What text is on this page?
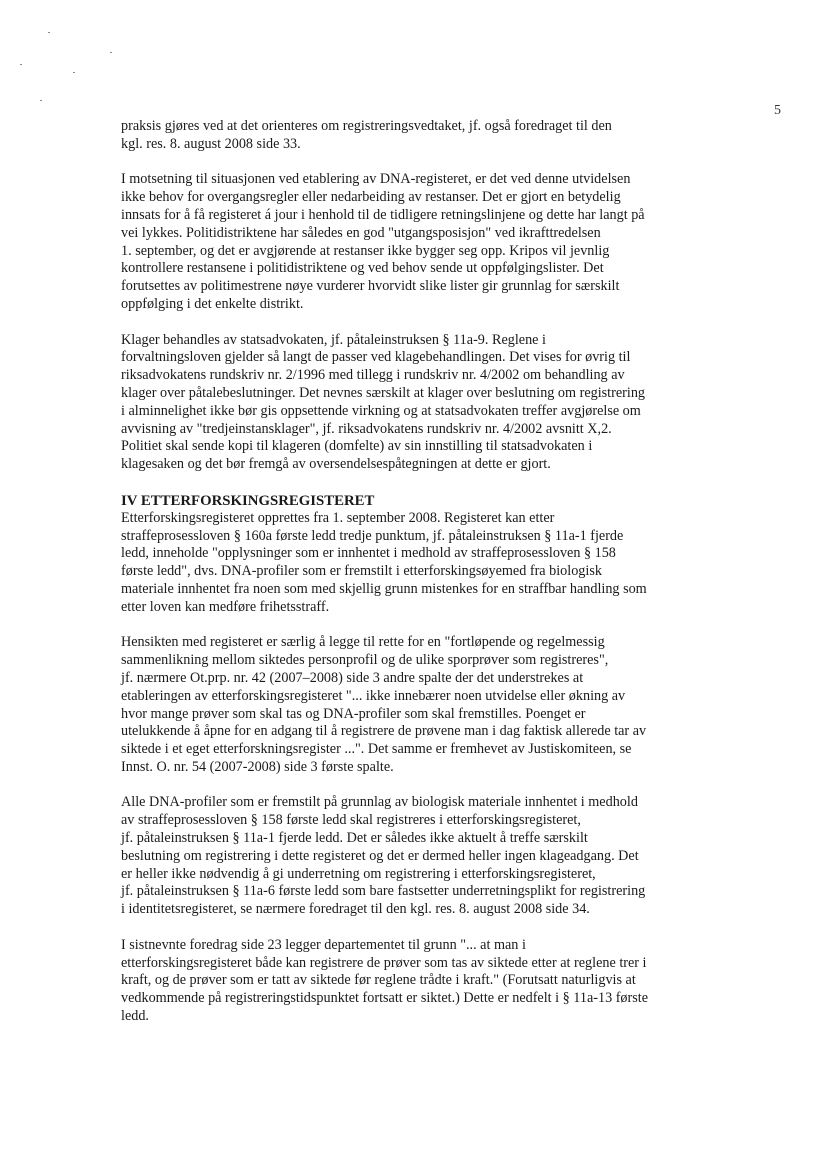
5

praksis gjøres ved at det orienteres om registreringsvedtaket, jf. også foredraget til den
kgl. res. 8. august 2008 side 33.

I motsetning til situasjonen ved etablering av DNA-registeret, er det ved denne utvidelsen
ikke behov for overgangsregler eller nedarbeiding av restanser. Det er gjort en betydelig
innsats for å få registeret á jour i henhold til de tidligere retningslinjene og dette har langt på
vei lykkes. Politidistriktene har således en god "utgangsposisjon" ved ikrafttredelsen
1. september, og det er avgjørende at restanser ikke bygger seg opp. Kripos vil jevnlig
kontrollere restansene i politidistriktene og ved behov sende ut oppfølgingslister. Det
forutsettes av politimestrene nøye vurderer hvorvidt slike lister gir grunnlag for særskilt
oppfølging i det enkelte distrikt.

Klager behandles av statsadvokaten, jf. påtaleinstruksen § 11a-9. Reglene i
forvaltningsloven gjelder så langt de passer ved klagebehandlingen. Det vises for øvrig til
riksadvokatens rundskriv nr. 2/1996 med tillegg i rundskriv nr. 4/2002 om behandling av
klager over påtalebeslutninger. Det nevnes særskilt at klager over beslutning om registrering
i alminnelighet ikke bør gis oppsettende virkning og at statsadvokaten treffer avgjørelse om
avvisning av "tredjeinstansklager", jf. riksadvokatens rundskriv nr. 4/2002 avsnitt X,2.
Politiet skal sende kopi til klageren (domfelte) av sin innstilling til statsadvokaten i
klagesaken og det bør fremgå av oversendelsespåtegningen at dette er gjort.

IV ETTERFORSKINGSREGISTERET

Etterforskingsregisteret opprettes fra 1. september 2008. Registeret kan etter
straffeprosessloven § 160a første ledd tredje punktum, jf. påtaleinstruksen § 11a-1 fjerde
ledd, inneholde "opplysninger som er innhentet i medhold av straffeprosessloven § 158
første ledd", dvs. DNA-profiler som er fremstilt i etterforskingsøyemed fra biologisk
materiale innhentet fra noen som med skjellig grunn mistenkes for en straffbar handling som
etter loven kan medføre frihetsstraff.

Hensikten med registeret er særlig å legge til rette for en "fortløpende og regelmessig
sammenlikning mellom siktedes personprofil og de ulike sporprøver som registreres",
jf. nærmere Ot.prp. nr. 42 (2007–2008) side 3 andre spalte der det understrekes at
etableringen av etterforskingsregisteret "... ikke innebærer noen utvidelse eller økning av
hvor mange prøver som skal tas og DNA-profiler som skal fremstilles. Poenget er
utelukkende å åpne for en adgang til å registrere de prøvene man i dag faktisk allerede tar av
siktede i et eget etterforskningsregister ...". Det samme er fremhevet av Justiskomiteen, se
Innst. O. nr. 54 (2007-2008) side 3 første spalte.

Alle DNA-profiler som er fremstilt på grunnlag av biologisk materiale innhentet i medhold
av straffeprosessloven § 158 første ledd skal registreres i etterforskingsregisteret,
jf. påtaleinstruksen § 11a-1 fjerde ledd. Det er således ikke aktuelt å treffe særskilt
beslutning om registrering i dette registeret og det er dermed heller ingen klageadgang. Det
er heller ikke nødvendig å gi underretning om registrering i etterforskingsregisteret,
jf. påtaleinstruksen § 11a-6 første ledd som bare fastsetter underretningsplikt for registrering
i identitetsregisteret, se nærmere foredraget til den kgl. res. 8. august 2008 side 34.

I sistnevnte foredrag side 23 legger departementet til grunn "... at man i
etterforskingsregisteret både kan registrere de prøver som tas av siktede etter at reglene trer i
kraft, og de prøver som er tatt av siktede før reglene trådte i kraft." (Forutsatt naturligvis at
vedkommende på registreringstidspunktet fortsatt er siktet.) Dette er nedfelt i § 11a-13 første
ledd.
